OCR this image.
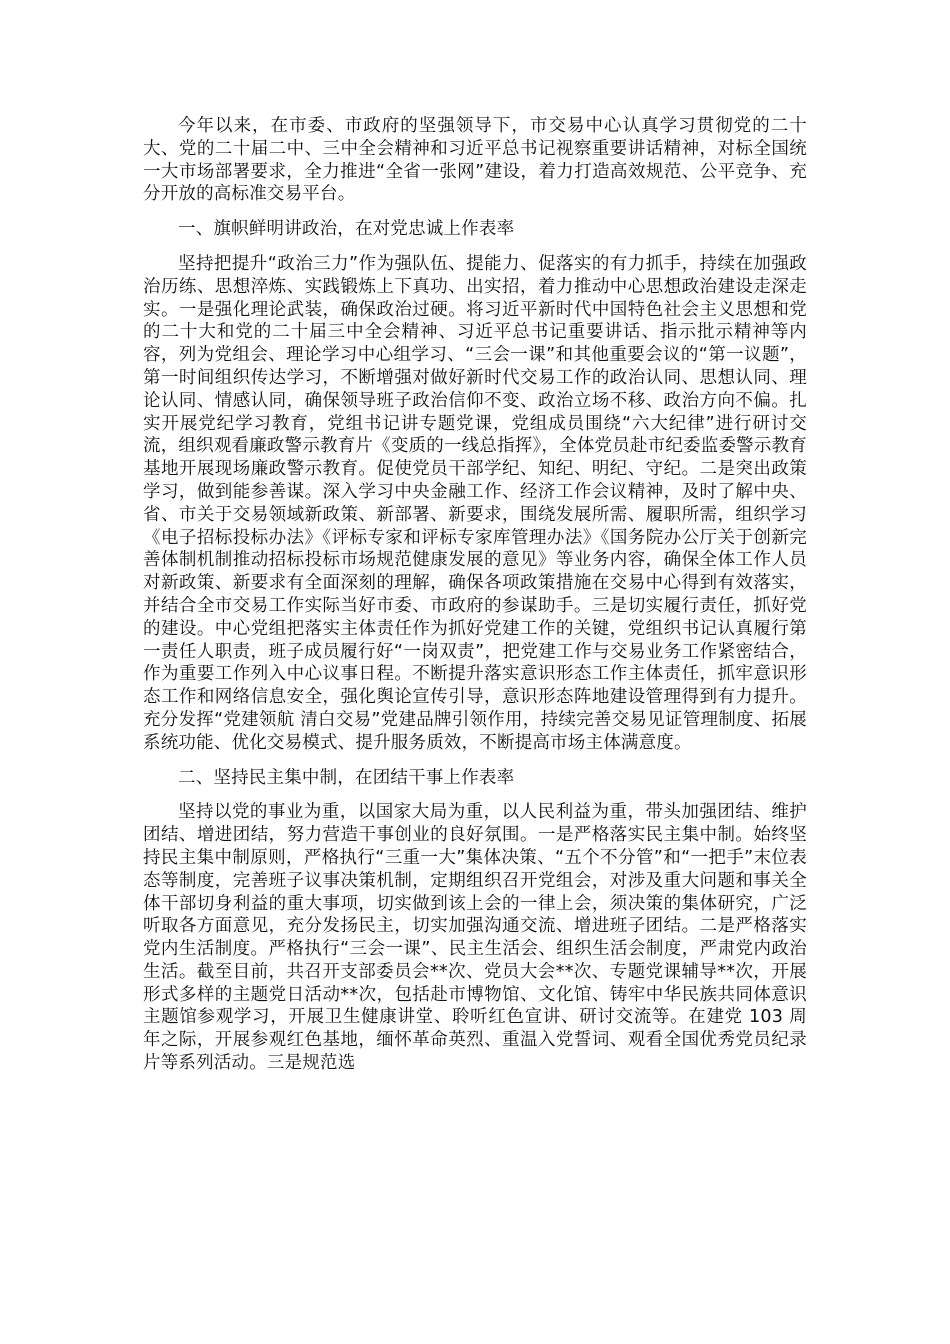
今年以来，在市委、市政府的坚强领导下，市交易中心认真学习贯彻党的二十大、党的二十届二中、三中全会精神和习近平总书记视察重要讲话精神，对标全国统一大市场部署要求，全力推进“全省一张网”建设，着力打造高效规范、公平竞争、充分开放的高标准交易平台。

一、旗帜鲜明讲政治，在对党忠诚上作表率

坚持把提升“政治三力”作为强队伍、提能力、促落实的有力抓手，持续在加强政治历练、思想淬炼、实践锻炼上下真功、出实招，着力推动中心思想政治建设走深走实。一是强化理论武装，确保政治过硬。将习近平新时代中国特色社会主义思想和党的二十大和党的二十届三中全会精神、习近平总书记重要讲话、指示批示精神等内容，列为党组会、理论学习中心组学习、“三会一课”和其他重要会议的“第一议题”，第一时间组织传达学习，不断增强对做好新时代交易工作的政治认同、思想认同、理论认同、情感认同，确保领导班子政治信仰不变、政治立场不移、政治方向不偏。扎实开展党纪学习教育，党组书记讲专题党课，党组成员围绕“六大纪律”进行研讨交流，组织观看廉政警示教育片《变质的一线总指挥》，全体党员赴市纪委监委警示教育基地开展现场廉政警示教育。促使党员干部学纪、知纪、明纪、守纪。二是突出政策学习，做到能参善谋。深入学习中央金融工作、经济工作会议精神，及时了解中央、省、市关于交易领域新政策、新部署、新要求，围绕发展所需、履职所需，组织学习《电子招标投标办法》《评标专家和评标专家库管理办法》《国务院办公厅关于创新完善体制机制推动招标投标市场规范健康发展的意见》等业务内容，确保全体工作人员对新政策、新要求有全面深刻的理解，确保各项政策措施在交易中心得到有效落实，并结合全市交易工作实际当好市委、市政府的参谋助手。三是切实履行责任，抓好党的建设。中心党组把落实主体责任作为抓好党建工作的关键，党组织书记认真履行第一责任人职责，班子成员履行好“一岗双责”，把党建工作与交易业务工作紧密结合，作为重要工作列入中心议事日程。不断提升落实意识形态工作主体责任，抓牢意识形态工作和网络信息安全，强化舆论宣传引导，意识形态阵地建设管理得到有力提升。充分发挥“党建领航 清白交易”党建品牌引领作用，持续完善交易见证管理制度、拓展系统功能、优化交易模式、提升服务质效，不断提高市场主体满意度。

二、坚持民主集中制，在团结干事上作表率

坚持以党的事业为重，以国家大局为重，以人民利益为重，带头加强团结、维护团结、增进团结，努力营造干事创业的良好氛围。一是严格落实民主集中制。始终坚持民主集中制原则，严格执行“三重一大”集体决策、“五个不分管”和“一把手”末位表态等制度，完善班子议事决策机制，定期组织召开党组会，对涉及重大问题和事关全体干部切身利益的重大事项，切实做到该上会的一律上会，须决策的集体研究，广泛听取各方面意见，充分发扬民主，切实加强沟通交流、增进班子团结。二是严格落实党内生活制度。严格执行“三会一课”、民主生活会、组织生活会制度，严肃党内政治生活。截至目前，共召开支部委员会**次、党员大会**次、专题党课辅导**次，开展形式多样的主题党日活动**次，包括赴市博物馆、文化馆、铸牢中华民族共同体意识主题馆参观学习，开展卫生健康讲堂、聆听红色宣讲、研讨交流等。在建党 103 周年之际，开展参观红色基地，缅怀革命英烈、重温入党誓词、观看全国优秀党员纪录片等系列活动。三是规范选
